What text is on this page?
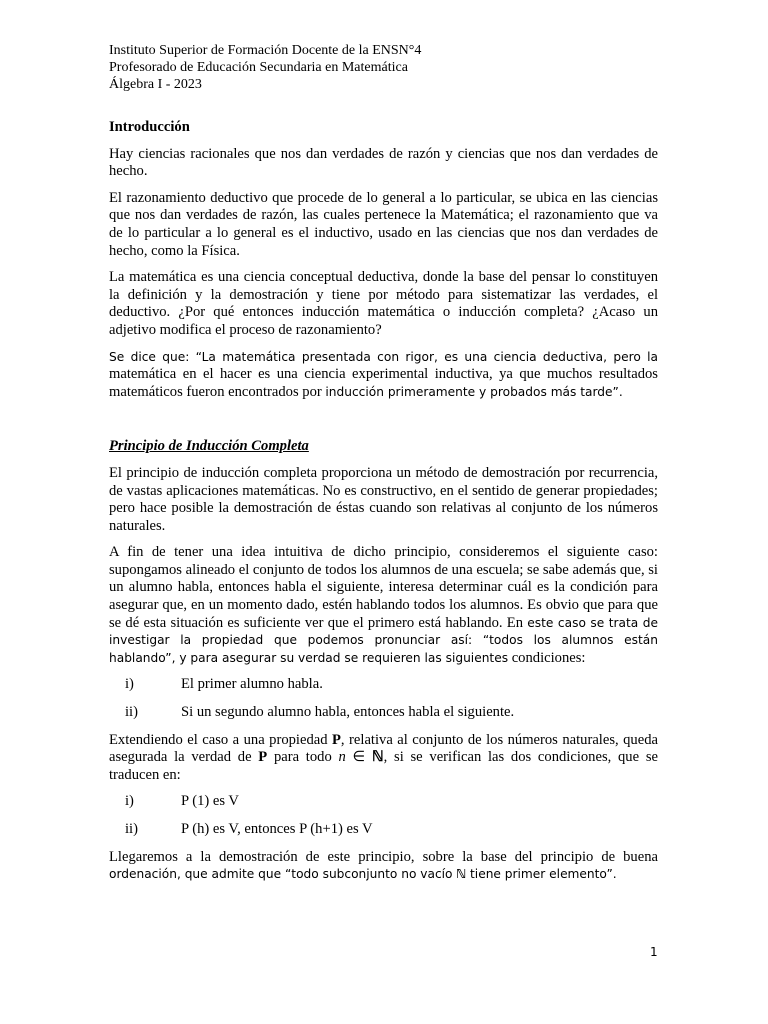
Instituto Superior de Formación Docente de la ENSN°4
Profesorado de Educación Secundaria en Matemática
Álgebra I - 2023
Introducción

Hay ciencias racionales que nos dan verdades de razón y ciencias que nos dan verdades de hecho.

El razonamiento deductivo que procede de lo general a lo particular, se ubica en las ciencias que nos dan verdades de razón, las cuales pertenece la Matemática; el razonamiento que va de lo particular a lo general es el inductivo, usado en las ciencias que nos dan verdades de hecho, como la Física.

La matemática es una ciencia conceptual deductiva, donde la base del pensar lo constituyen la definición y la demostración y tiene por método para sistematizar las verdades, el deductivo. ¿Por qué entonces inducción matemática o inducción completa? ¿Acaso un adjetivo modifica el proceso de razonamiento?

Se dice que: “La matemática presentada con rigor, es una ciencia deductiva, pero la matemática en el hacer es una ciencia experimental inductiva, ya que muchos resultados matemáticos fueron encontrados por inducción primeramente y probados más tarde”.

Principio de Inducción Completa

El principio de inducción completa proporciona un método de demostración por recurrencia, de vastas aplicaciones matemáticas. No es constructivo, en el sentido de generar propiedades; pero hace posible la demostración de éstas cuando son relativas al conjunto de los números naturales.

A fin de tener una idea intuitiva de dicho principio, consideremos el siguiente caso: supongamos alineado el conjunto de todos los alumnos de una escuela; se sabe además que, si un alumno habla, entonces habla el siguiente, interesa determinar cuál es la condición para asegurar que, en un momento dado, estén hablando todos los alumnos. Es obvio que para que se dé esta situación es suficiente ver que el primero está hablando. En este caso se trata de investigar la propiedad que podemos pronunciar así: “todos los alumnos están hablando”, y para asegurar su verdad se requieren las siguientes condiciones:

i)	El primer alumno habla.
ii)	Si un segundo alumno habla, entonces habla el siguiente.

Extendiendo el caso a una propiedad P, relativa al conjunto de los números naturales, queda asegurada la verdad de P para todo n ∈ ℕ, si se verifican las dos condiciones, que se traducen en:

i)	P (1) es V
ii)	P (h) es V, entonces P (h+1) es V

Llegaremos a la demostración de este principio, sobre la base del principio de buena ordenación, que admite que “todo subconjunto no vacío ℕ tiene primer elemento”.

1
